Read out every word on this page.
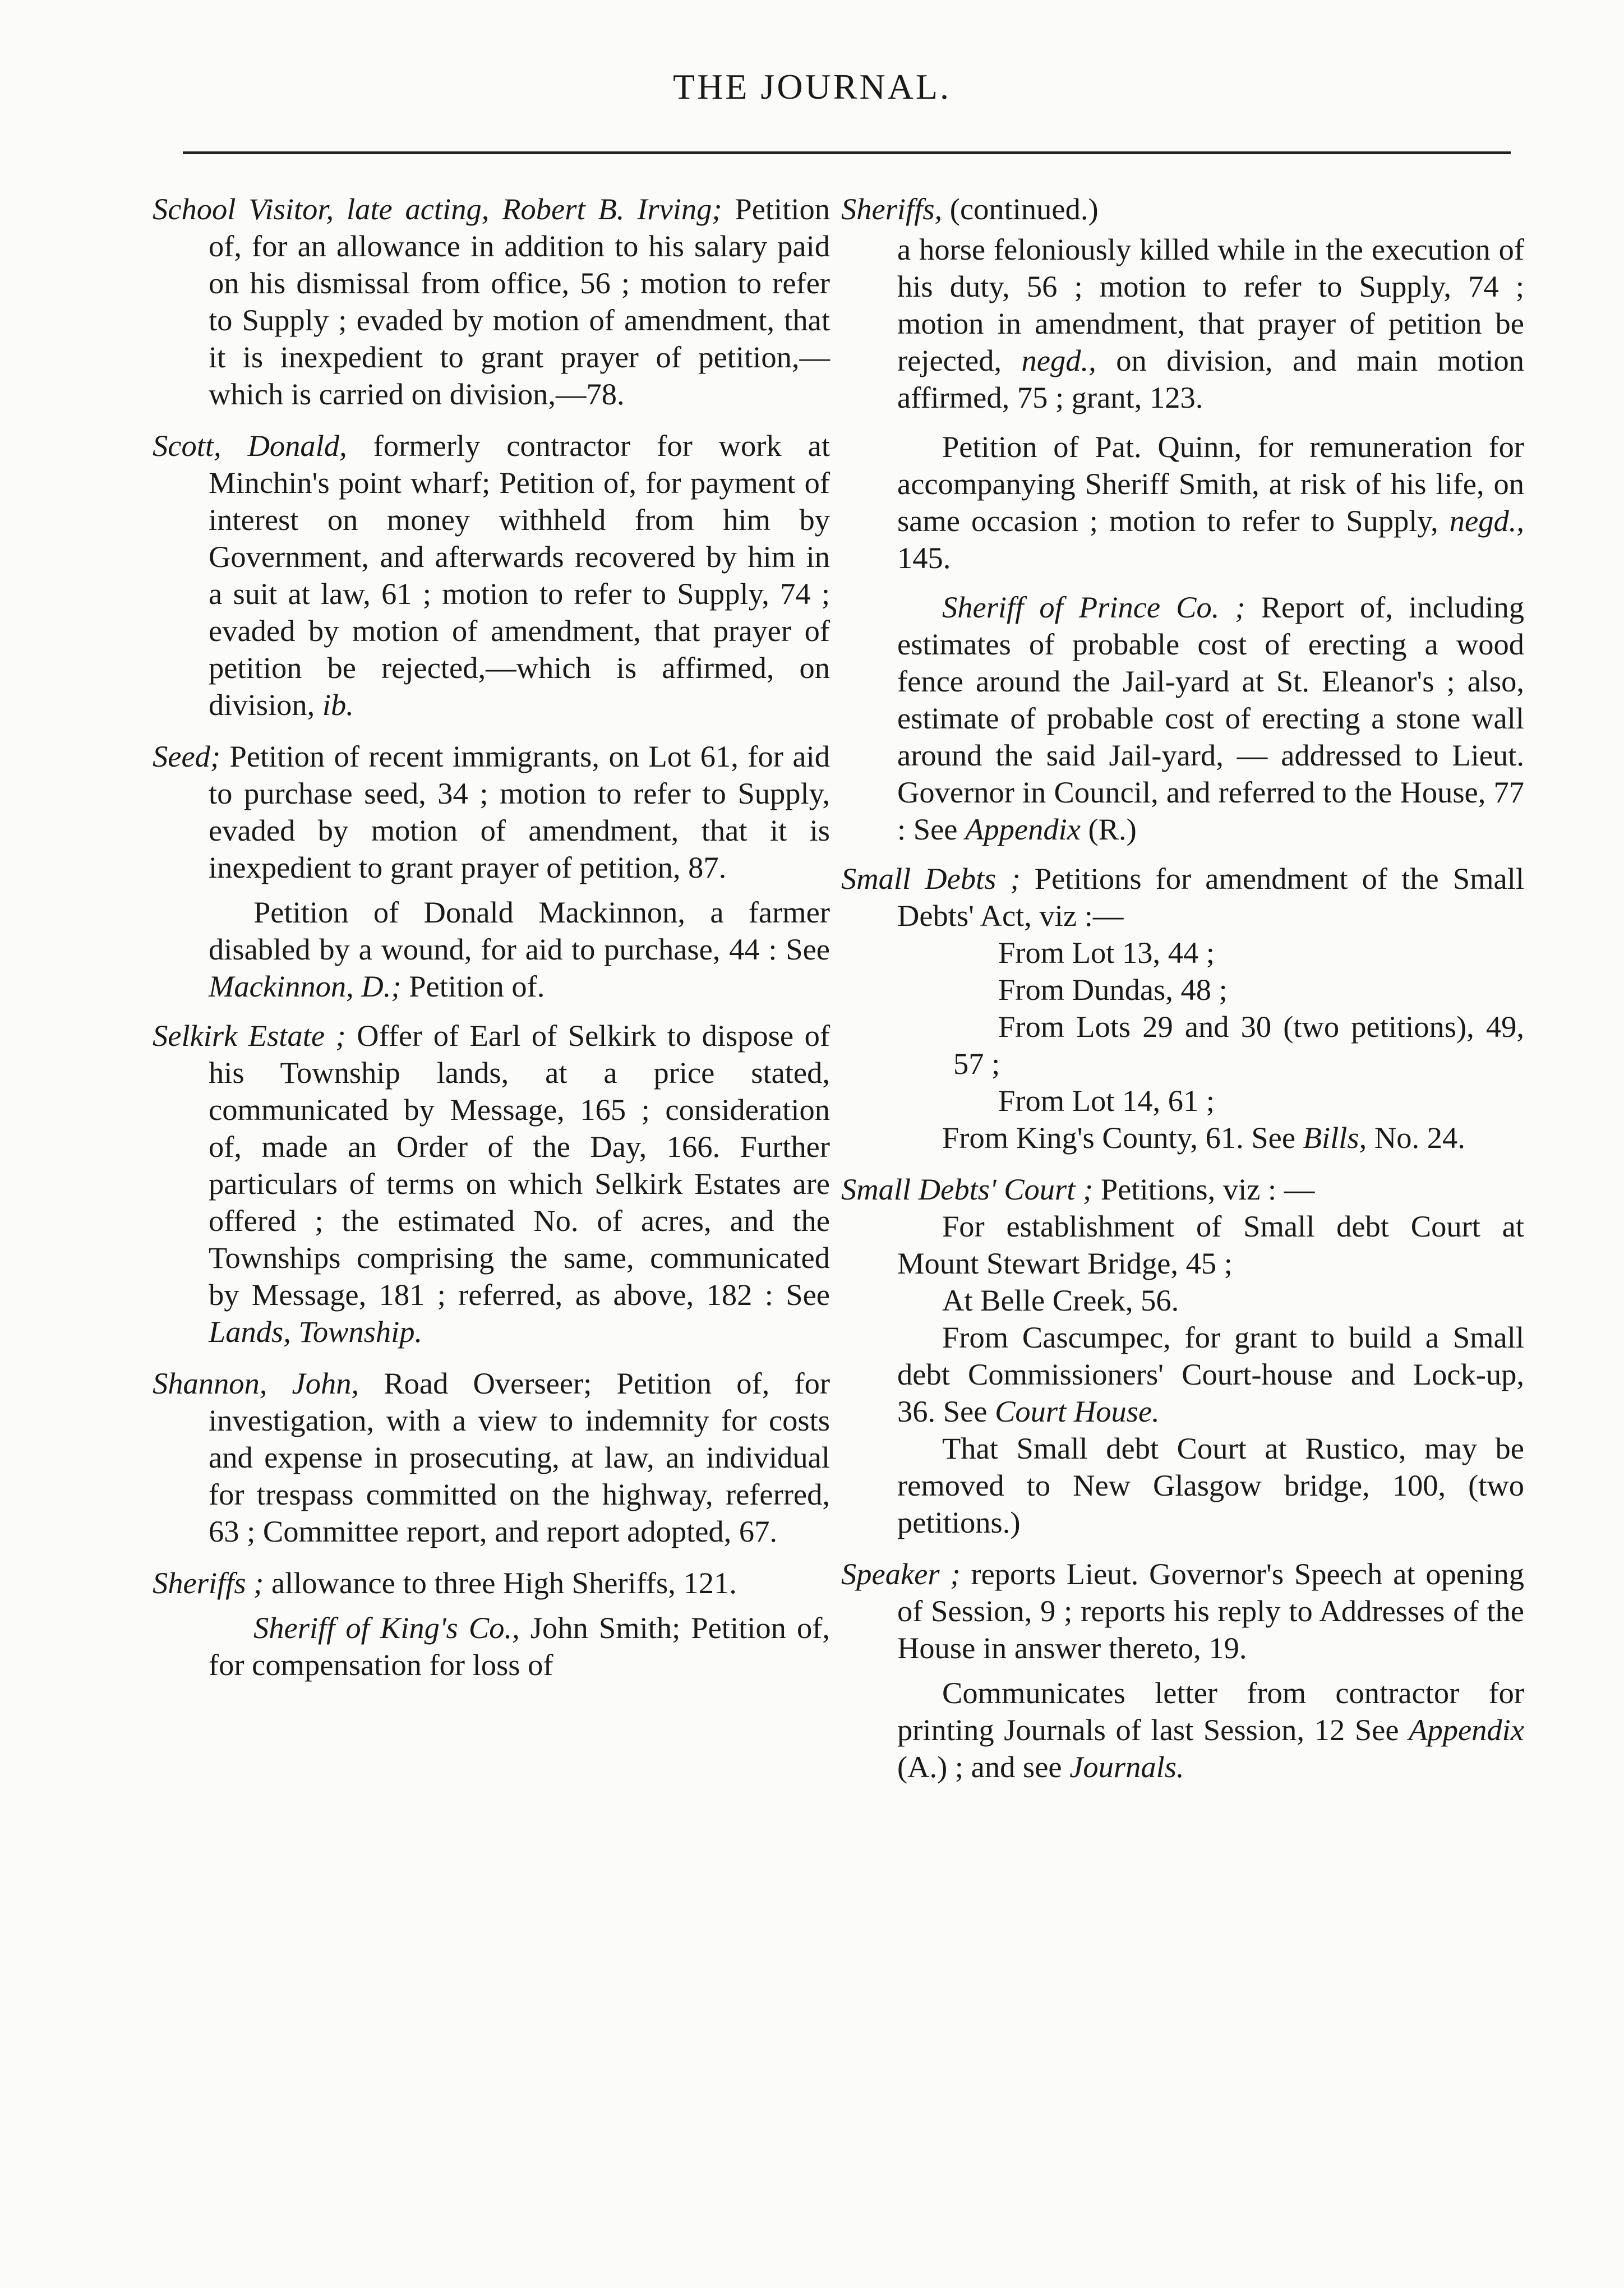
THE JOURNAL.

School Visitor, late acting, Robert B. Irving; Petition of, for an allowance in addition to his salary paid on his dismissal from office, 56 ; motion to refer to Supply ; evaded by motion of amendment, that it is inexpedient to grant prayer of petition,—which is carried on division,—78.

Scott, Donald, formerly contractor for work at Minchin's point wharf; Petition of, for payment of interest on money withheld from him by Government, and afterwards recovered by him in a suit at law, 61 ; motion to refer to Supply, 74 ; evaded by motion of amendment, that prayer of petition be rejected,—which is affirmed, on division, ib.

Seed; Petition of recent immigrants, on Lot 61, for aid to purchase seed, 34 ; motion to refer to Supply, evaded by motion of amendment, that it is inexpedient to grant prayer of petition, 87.

Petition of Donald Mackinnon, a farmer disabled by a wound, for aid to purchase, 44 : See Mackinnon, D.; Petition of.

Selkirk Estate ; Offer of Earl of Selkirk to dispose of his Township lands, at a price stated, communicated by Message, 165 ; consideration of, made an Order of the Day, 166. Further particulars of terms on which Selkirk Estates are offered ; the estimated No. of acres, and the Townships comprising the same, communicated by Message, 181 ; referred, as above, 182 : See Lands, Township.

Shannon, John, Road Overseer; Petition of, for investigation, with a view to indemnity for costs and expense in prosecuting, at law, an individual for trespass committed on the highway, referred, 63 ; Committee report, and report adopted, 67.

Sheriffs ; allowance to three High Sheriffs, 121.

Sheriff of King's Co., John Smith; Petition of, for compensation for loss of

Sheriffs, (continued.)

a horse feloniously killed while in the execution of his duty, 56 ; motion to refer to Supply, 74 ; motion in amendment, that prayer of petition be rejected, negd., on division, and main motion affirmed, 75 ; grant, 123.

Petition of Pat. Quinn, for remuneration for accompanying Sheriff Smith, at risk of his life, on same occasion ; motion to refer to Supply, negd., 145.

Sheriff of Prince Co. ; Report of, including estimates of probable cost of erecting a wood fence around the Jail-yard at St. Eleanor's ; also, estimate of probable cost of erecting a stone wall around the said Jail-yard, — addressed to Lieut. Governor in Council, and referred to the House, 77 : See Appendix (R.)

Small Debts ; Petitions for amendment of the Small Debts' Act, viz :—

From Lot 13, 44 ;
From Dundas, 48 ;
From Lots 29 and 30 (two petitions), 49, 57 ;
From Lot 14, 61 ;

From King's County, 61. See Bills, No. 24.

Small Debts' Court ; Petitions, viz : —

For establishment of Small debt Court at Mount Stewart Bridge, 45 ;

At Belle Creek, 56.

From Cascumpec, for grant to build a Small debt Commissioners' Court-house and Lock-up, 36. See Court House.

That Small debt Court at Rustico, may be removed to New Glasgow bridge, 100, (two petitions.)

Speaker ; reports Lieut. Governor's Speech at opening of Session, 9 ; reports his reply to Addresses of the House in answer thereto, 19.

Communicates letter from contractor for printing Journals of last Session, 12 See Appendix (A.) ; and see Journals.
